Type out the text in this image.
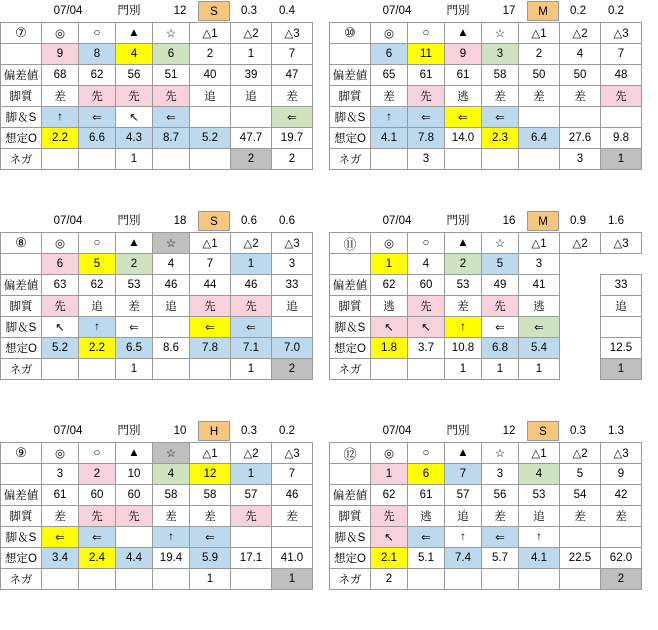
07/04	門別	12	S	0.3	0.4
⑦	◎	○	▲	☆	△1	△2	△3
	9	8	4	6	2	1	7
偏差値	68	62	56	51	40	39	47
脚質	差	先	先	先	追	追	差
脚＆S	↑	⇐	↖	⇐			⇐
想定O	2.2	6.6	4.3	8.7	5.2	47.7	19.7
ネガ			1			2	2
07/04	門別	17	M	0.2	0.2
⑩	◎	○	▲	☆	△1	△2	△3
	6	11	9	3	2	4	7
偏差値	65	61	61	58	50	50	48
脚質	差	先	逃	差	差	差	先
脚＆S	↑	⇐	⇐	⇐			
想定O	4.1	7.8	14.0	2.3	6.4	27.6	9.8
ネガ		3				3	1
07/04	門別	18	S	0.6	0.6
⑧	◎	○	▲	☆	△1	△2	△3
	6	5	2	4	7	1	3
偏差値	63	62	53	46	44	46	33
脚質	先	追	差	追	先	先	追
脚＆S	↖	↑	⇐		⇐	⇐	
想定O	5.2	2.2	6.5	8.6	7.8	7.1	7.0
ネガ			1			1	2
07/04	門別	16	M	0.9	1.6
⑪	◎	○	▲	☆	△1	△2	△3
	1	4	2	5	3		
偏差値	62	60	53	49	41		33
脚質	逃	先	差	先	逃		追
脚＆S	↖	↖	↑	⇐	⇐		
想定O	1.8	3.7	10.8	6.8	5.4		12.5
ネガ			1	1	1		1
07/04	門別	10	H	0.3	0.2
⑨	◎	○	▲	☆	△1	△2	△3
	3	2	10	4	12	1	7
偏差値	61	60	60	58	58	57	46
脚質	差	先	先	差	差	先	差
脚＆S	⇐	⇐		↑	⇐		
想定O	3.4	2.4	4.4	19.4	5.9	17.1	41.0
ネガ					1		1
07/04	門別	12	S	0.3	1.3
⑫	◎	○	▲	☆	△1	△2	△3
	1	6	7	3	4	5	9
偏差値	62	61	57	56	53	54	42
脚質	先	逃	追	差	追	差	差
脚＆S	↖	⇐	↑	⇐	↑		
想定O	2.1	5.1	7.4	5.7	4.1	22.5	62.0
ネガ	2						2
